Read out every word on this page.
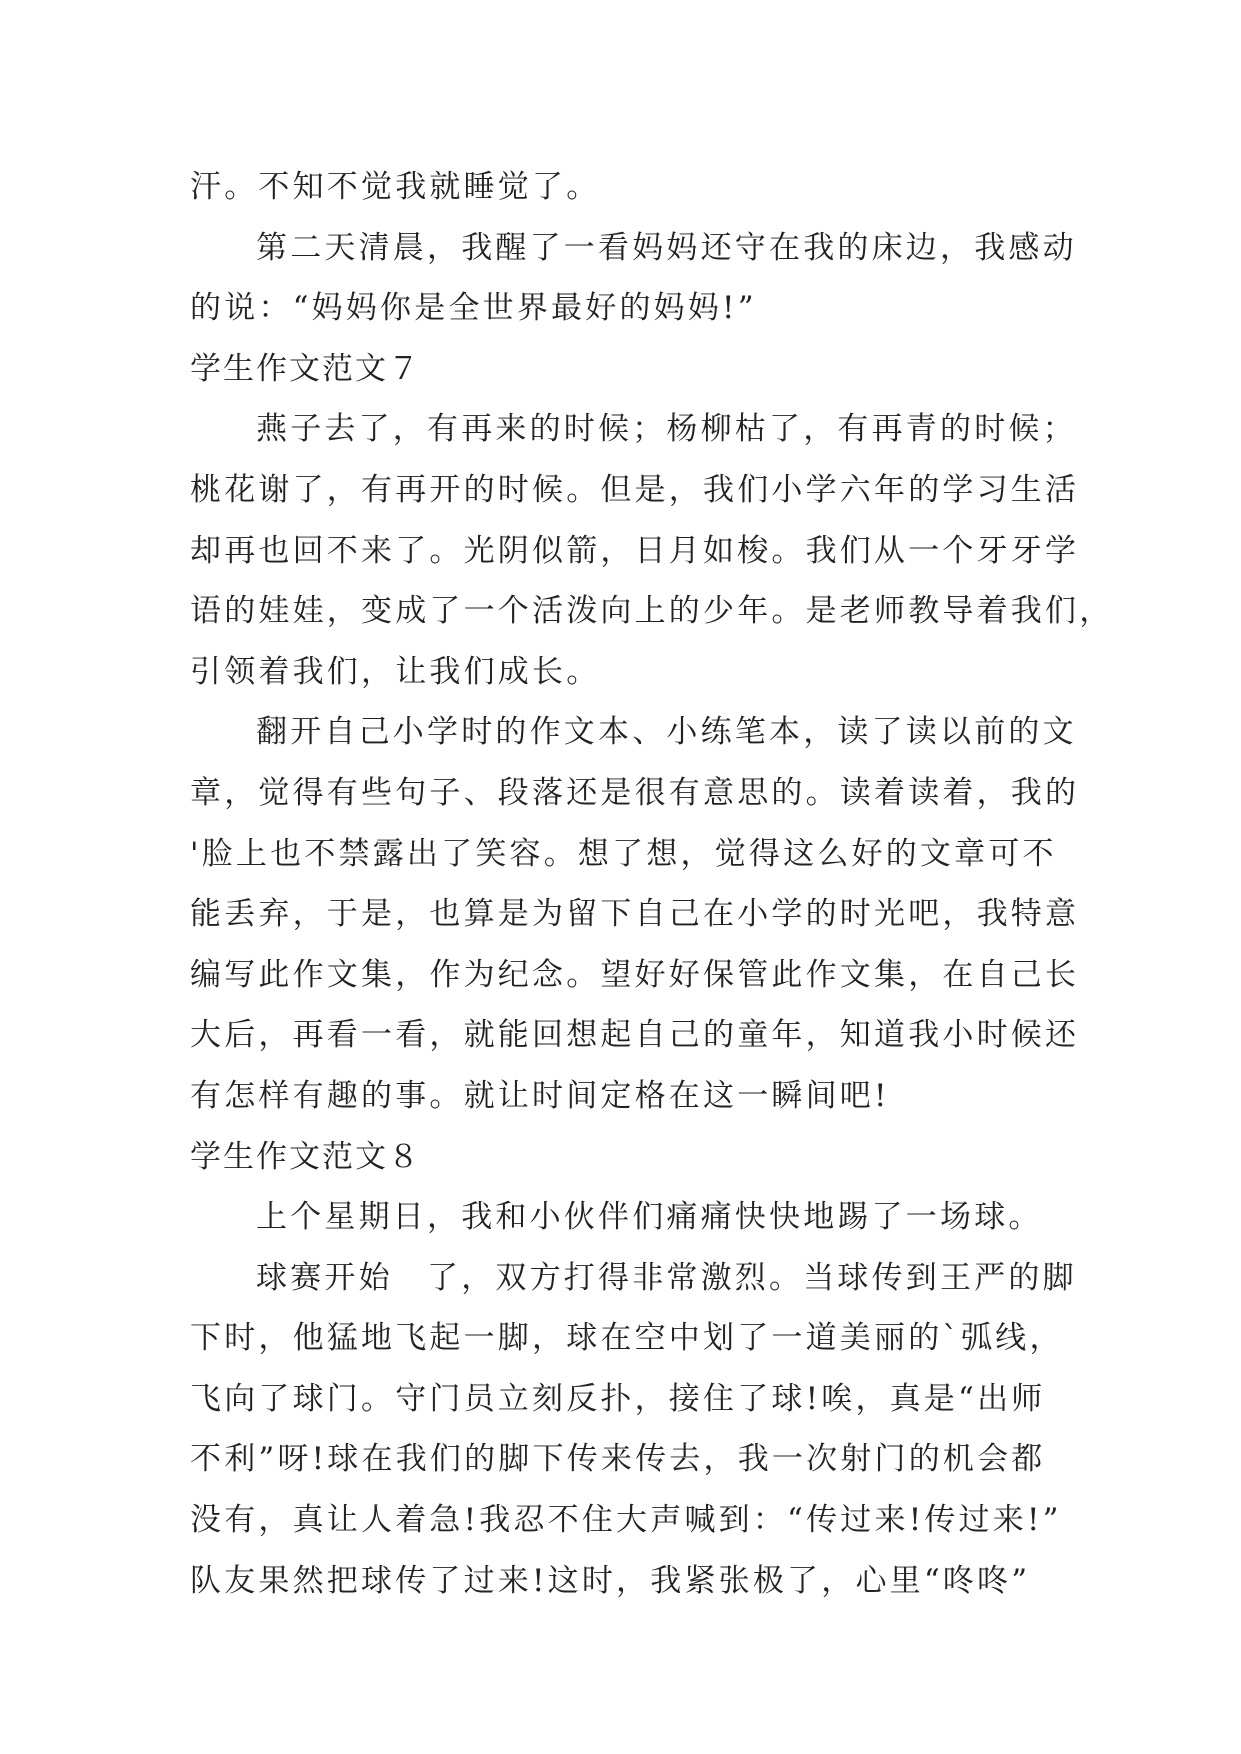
汗。不知不觉我就睡觉了。
第二天清晨，我醒了一看妈妈还守在我的床边，我感动
的说：“妈妈你是全世界最好的妈妈!”
学生作文范文７
燕子去了，有再来的时候；杨柳枯了，有再青的时候；
桃花谢了，有再开的时候。但是，我们小学六年的学习生活
却再也回不来了。光阴似箭，日月如梭。我们从一个牙牙学
语的娃娃，变成了一个活泼向上的少年。是老师教导着我们，
引领着我们，让我们成长。
翻开自己小学时的作文本、小练笔本，读了读以前的文
章，觉得有些句子、段落还是很有意思的。读着读着，我的
'脸上也不禁露出了笑容。想了想，觉得这么好的文章可不
能丢弃，于是，也算是为留下自己在小学的时光吧，我特意
编写此作文集，作为纪念。望好好保管此作文集，在自己长
大后，再看一看，就能回想起自己的童年，知道我小时候还
有怎样有趣的事。就让时间定格在这一瞬间吧!
学生作文范文８
上个星期日，我和小伙伴们痛痛快快地踢了一场球。
球赛开始　了，双方打得非常激烈。当球传到王严的脚
下时，他猛地飞起一脚，球在空中划了一道美丽的`弧线，
飞向了球门。守门员立刻反扑，接住了球!唉，真是“出师
不利”呀!球在我们的脚下传来传去，我一次射门的机会都
没有，真让人着急!我忍不住大声喊到：“传过来!传过来!”
队友果然把球传了过来!这时，我紧张极了，心里“咚咚”
